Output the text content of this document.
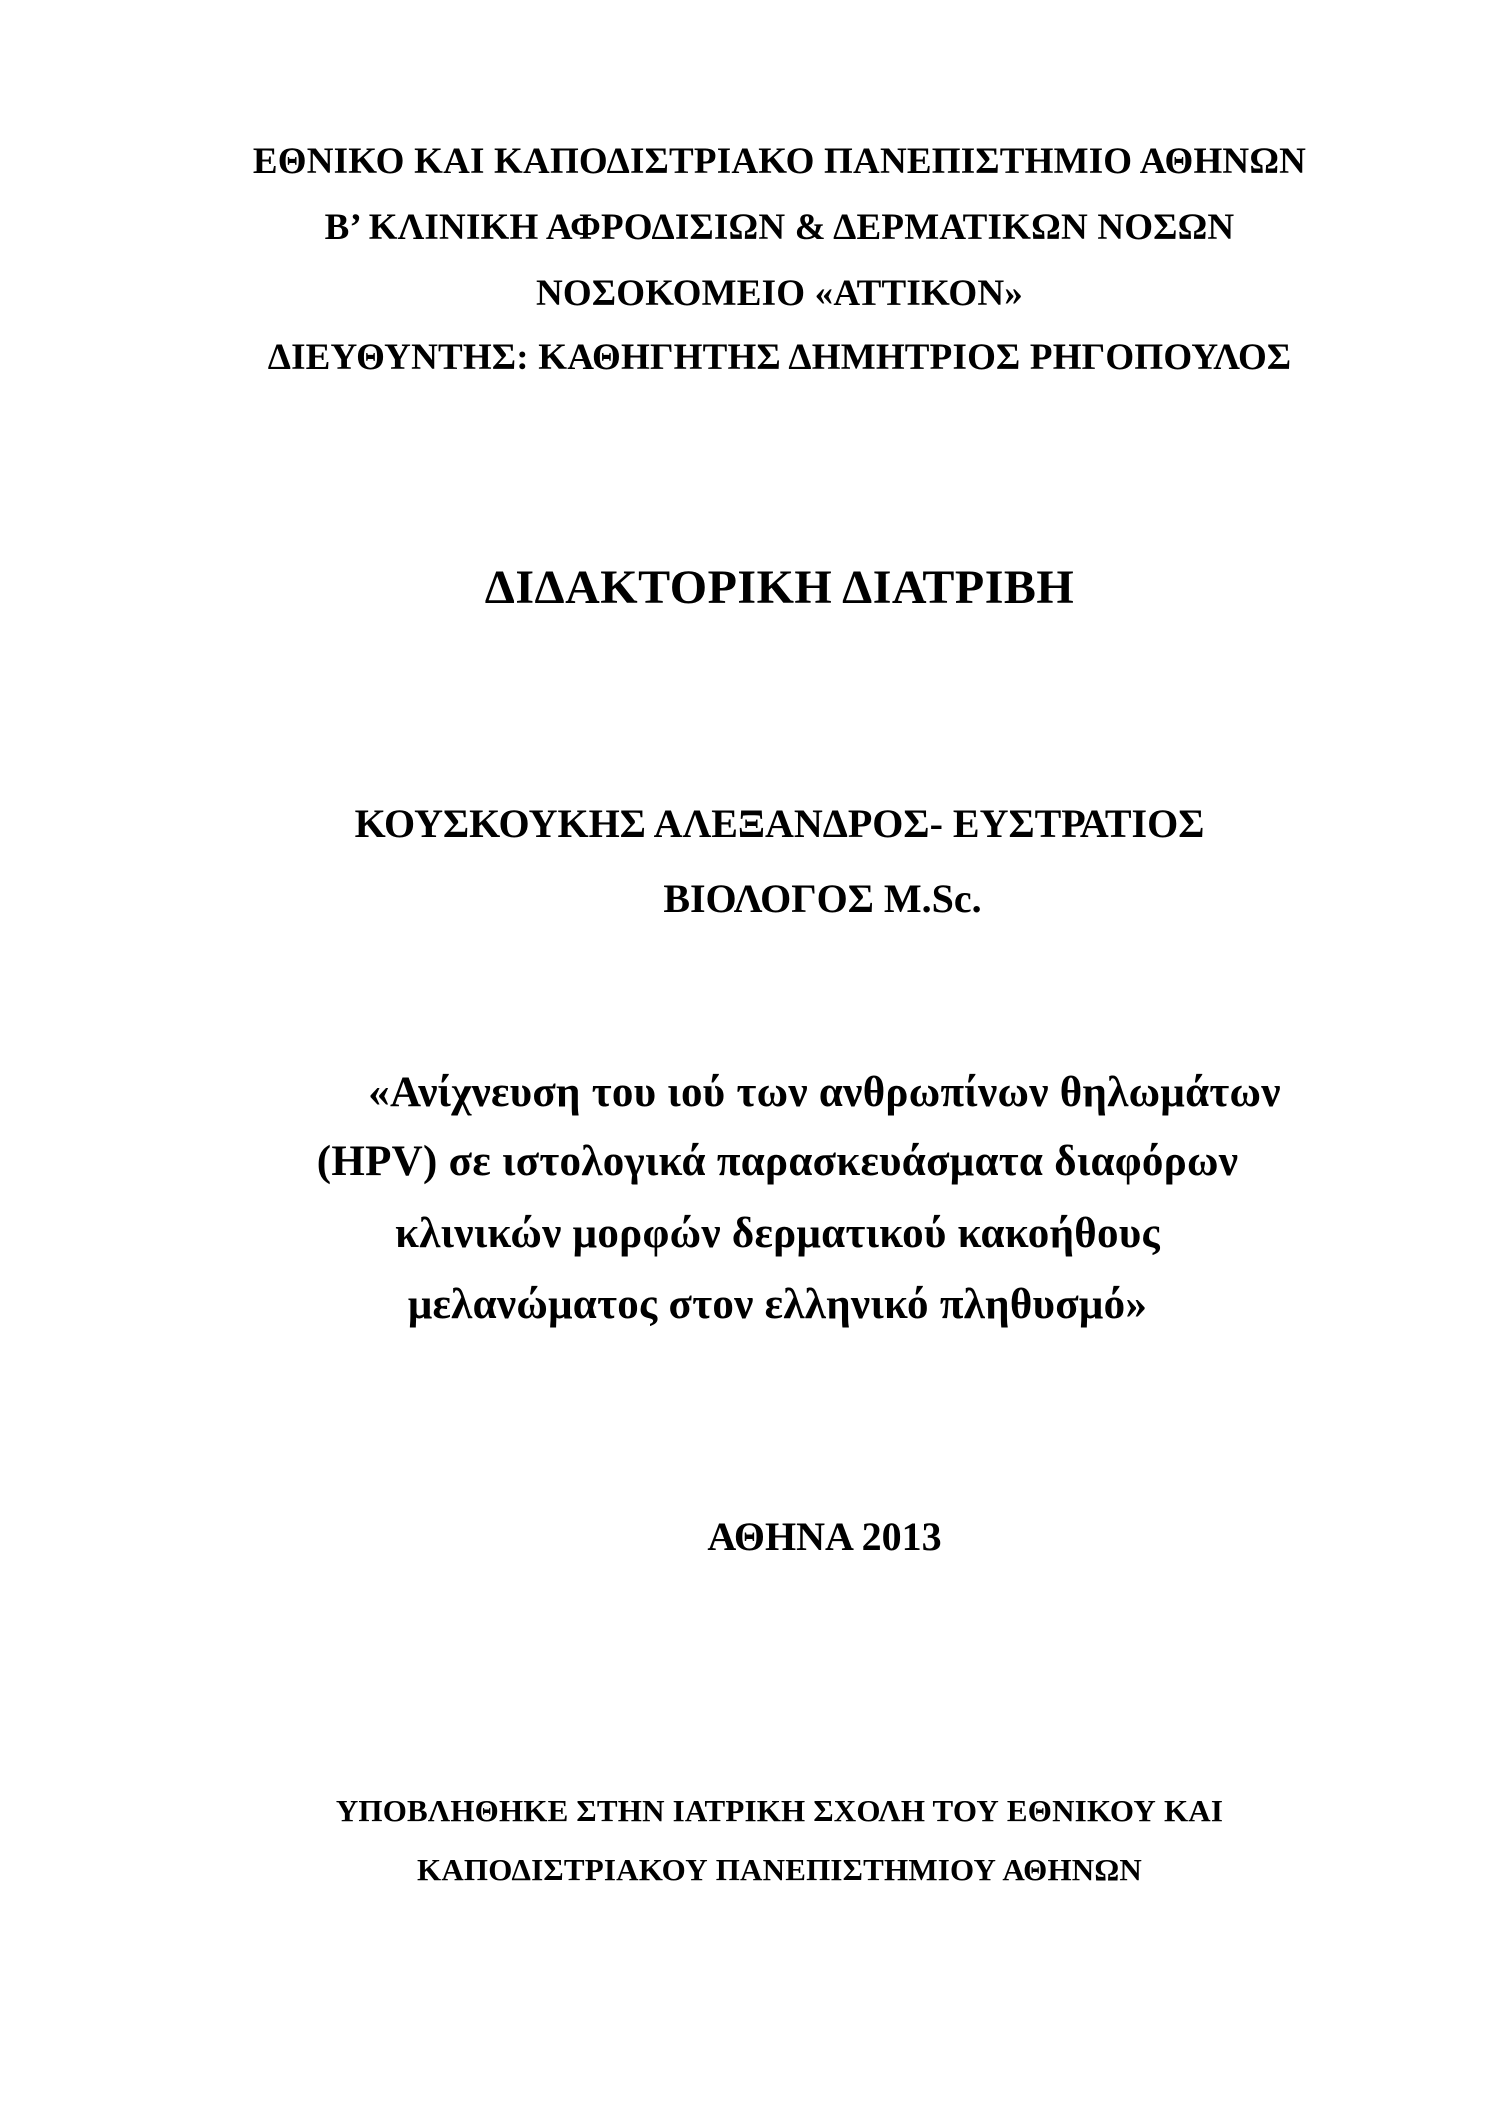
ΕΘΝΙΚΟ ΚΑΙ ΚΑΠΟΔΙΣΤΡΙΑΚΟ ΠΑΝΕΠΙΣΤΗΜΙΟ ΑΘΗΝΩΝ
Β’ ΚΛΙΝΙΚΗ ΑΦΡΟΔΙΣΙΩΝ & ΔΕΡΜΑΤΙΚΩΝ ΝΟΣΩΝ
ΝΟΣΟΚΟΜΕΙΟ «ΑΤΤΙΚΟΝ»
ΔΙΕΥΘΥΝΤΗΣ: ΚΑΘΗΓΗΤΗΣ ΔΗΜΗΤΡΙΟΣ ΡΗΓΟΠΟΥΛΟΣ
ΔΙΔΑΚΤΟΡΙΚΗ ΔΙΑΤΡΙΒΗ
ΚΟΥΣΚΟΥΚΗΣ ΑΛΕΞΑΝΔΡΟΣ- ΕΥΣΤΡΑΤΙΟΣ
ΒΙΟΛΟΓΟΣ M.Sc.
«Ανίχνευση του ιού των ανθρωπίνων θηλωμάτων
(HPV) σε ιστολογικά παρασκευάσματα διαφόρων
κλινικών μορφών δερματικού κακοήθους
μελανώματος στον ελληνικό πληθυσμό»
ΑΘΗΝΑ 2013
ΥΠΟΒΛΗΘΗΚΕ ΣΤΗΝ ΙΑΤΡΙΚΗ ΣΧΟΛΗ ΤΟΥ ΕΘΝΙΚΟΥ ΚΑΙ
ΚΑΠΟΔΙΣΤΡΙΑΚΟΥ ΠΑΝΕΠΙΣΤΗΜΙΟΥ ΑΘΗΝΩΝ
